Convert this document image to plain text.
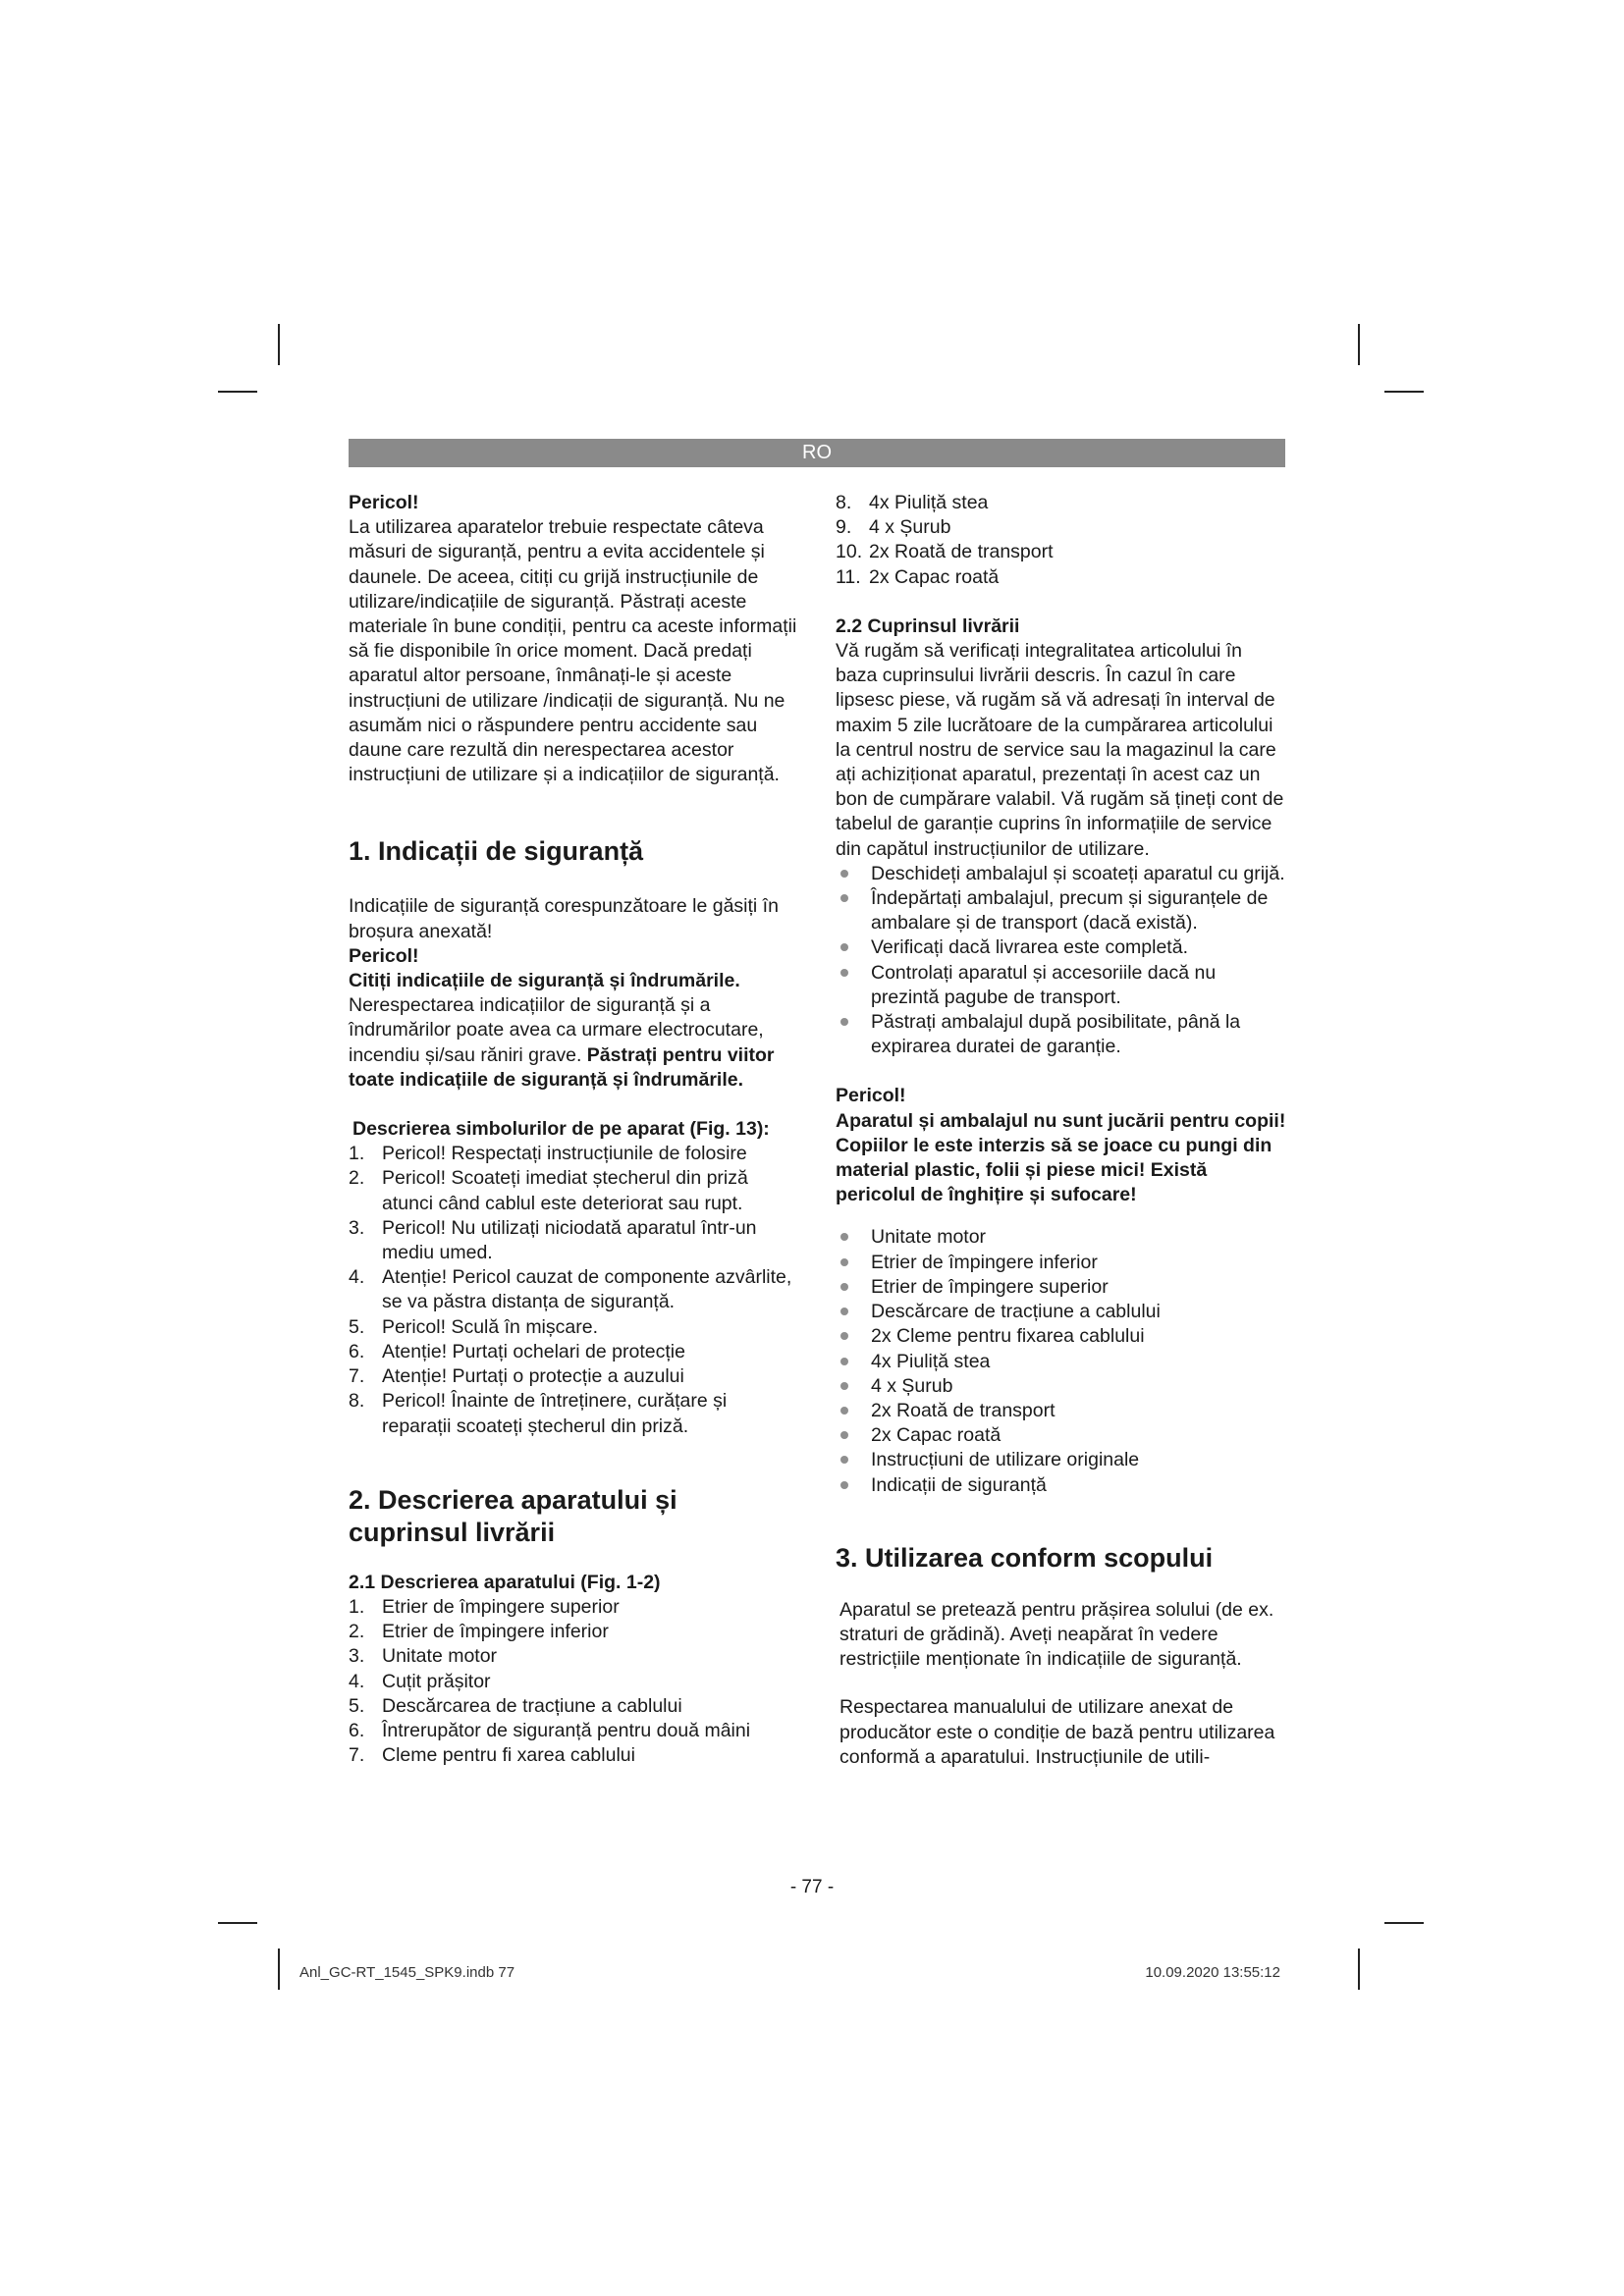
RO

Pericol!

La utilizarea aparatelor trebuie respectate câteva măsuri de siguranță, pentru a evita accidentele și daunele. De aceea, citiți cu grijă instrucțiunile de utilizare/indicațiile de siguranță. Păstrați aceste materiale în bune condiții, pentru ca aceste informații să fie disponibile în orice moment. Dacă predați aparatul altor persoane, înmânați-le și aceste instrucțiuni de utilizare /indicații de siguranță. Nu ne asumăm nici o răspundere pentru accidente sau daune care rezultă din nerespectarea acestor instrucțiuni de utilizare și a indicațiilor de siguranță.

1. Indicații de siguranță

Indicațiile de siguranță corespunzătoare le găsiți în broșura anexată!

Pericol!

Citiți indicațiile de siguranță și îndrumările.

Nerespectarea indicațiilor de siguranță și a îndrumărilor poate avea ca urmare electrocutare, incendiu și/sau răniri grave. Păstrați pentru viitor toate indicațiile de siguranță și îndrumările.

Descrierea simbolurilor de pe aparat (Fig. 13):

1. Pericol! Respectați instrucțiunile de folosire
2. Pericol! Scoateți imediat ștecherul din priză atunci când cablul este deteriorat sau rupt.
3. Pericol! Nu utilizați niciodată aparatul într-un mediu umed.
4. Atenție! Pericol cauzat de componente azvârlite, se va păstra distanța de siguranță.
5. Pericol! Sculă în mișcare.
6. Atenție! Purtați ochelari de protecție
7. Atenție! Purtați o protecție a auzului
8. Pericol! Înainte de întreținere, curățare și reparații scoateți ștecherul din priză.

2. Descrierea aparatului și cuprinsul livrării

2.1 Descrierea aparatului (Fig. 1-2)

1. Etrier de împingere superior
2. Etrier de împingere inferior
3. Unitate motor
4. Cuțit prășitor
5. Descărcarea de tracțiune a cablului
6. Întrerupător de siguranță pentru două mâini
7. Cleme pentru fi xarea cablului
8. 4x Piuliță stea
9. 4 x Șurub
10. 2x Roată de transport
11. 2x Capac roată

2.2 Cuprinsul livrării

Vă rugăm să verificați integralitatea articolului în baza cuprinsului livrării descris. În cazul în care lipsesc piese, vă rugăm să vă adresați în interval de maxim 5 zile lucrătoare de la cumpărarea articolului la centrul nostru de service sau la magazinul la care ați achiziționat aparatul, prezentați în acest caz un bon de cumpărare valabil. Vă rugăm să țineți cont de tabelul de garanție cuprins în informațiile de service din capătul instrucțiunilor de utilizare.

Deschideți ambalajul și scoateți aparatul cu grijă.
Îndepărtați ambalajul, precum și siguranțele de ambalare și de transport (dacă există).
Verificați dacă livrarea este completă.
Controlați aparatul și accesoriile dacă nu prezintă pagube de transport.
Păstrați ambalajul după posibilitate, până la expirarea duratei de garanție.

Pericol!

Aparatul și ambalajul nu sunt jucării pentru copii! Copiilor le este interzis să se joace cu pungi din material plastic, folii și piese mici! Există pericolul de înghițire și sufocare!

Unitate motor
Etrier de împingere inferior
Etrier de împingere superior
Descărcare de tracțiune a cablului
2x Cleme pentru fixarea cablului
4x Piuliță stea
4 x Șurub
2x Roată de transport
2x Capac roată
Instrucțiuni de utilizare originale
Indicații de siguranță

3. Utilizarea conform scopului

Aparatul se pretează pentru prășirea solului (de ex. straturi de grădină). Aveți neapărat în vedere restricțiile menționate în indicațiile de siguranță.

Respectarea manualului de utilizare anexat de producător este o condiție de bază pentru utilizarea conformă a aparatului. Instrucțiunile de utili-

- 77 -
Anl_GC-RT_1545_SPK9.indb 77	10.09.2020 13:55:12
